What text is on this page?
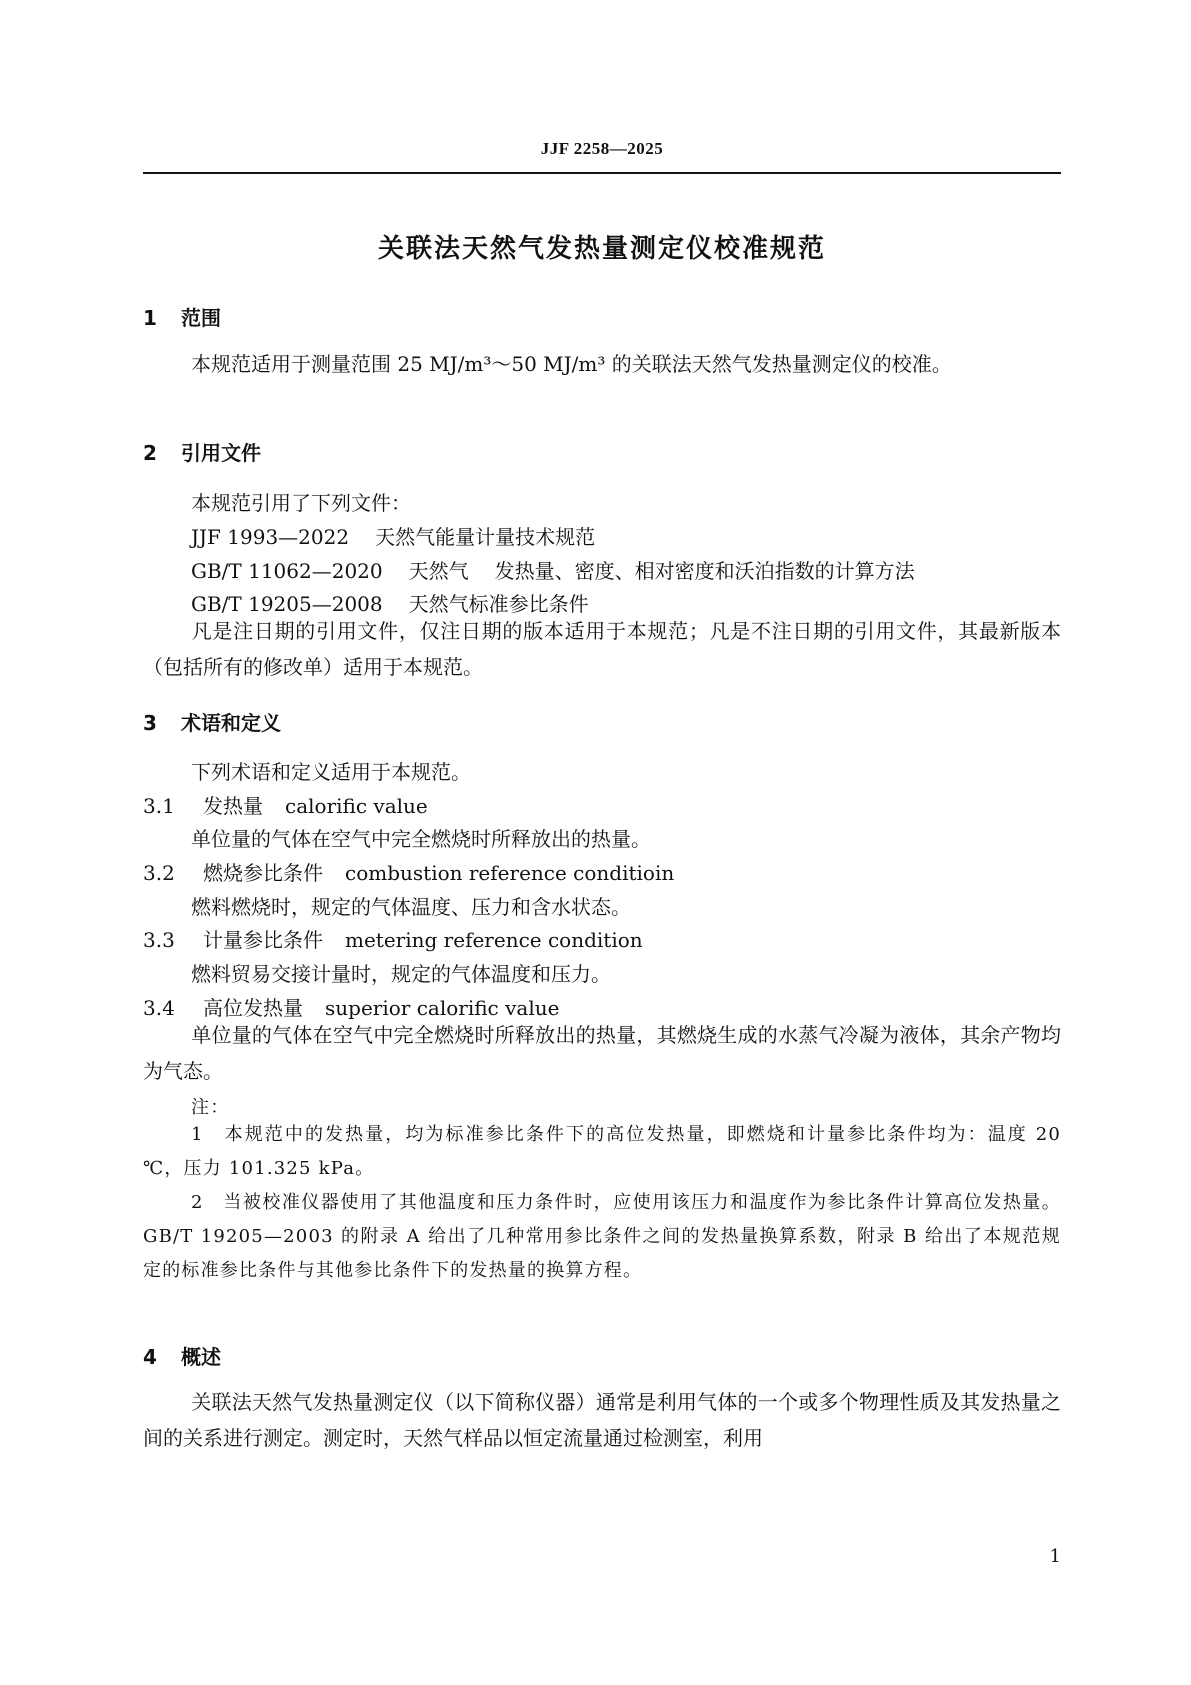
JJF 2258—2025
关联法天然气发热量测定仪校准规范
1 范围
本规范适用于测量范围 25 MJ/m³～50 MJ/m³ 的关联法天然气发热量测定仪的校准。
2 引用文件
本规范引用了下列文件：
JJF 1993—2022 天然气能量计量技术规范
GB/T 11062—2020 天然气 发热量、密度、相对密度和沃泊指数的计算方法
GB/T 19205—2008 天然气标准参比条件
凡是注日期的引用文件，仅注日期的版本适用于本规范；凡是不注日期的引用文件，其最新版本（包括所有的修改单）适用于本规范。
3 术语和定义
下列术语和定义适用于本规范。
3.1 发热量 calorific value
单位量的气体在空气中完全燃烧时所释放出的热量。
3.2 燃烧参比条件 combustion reference conditioin
燃料燃烧时，规定的气体温度、压力和含水状态。
3.3 计量参比条件 metering reference condition
燃料贸易交接计量时，规定的气体温度和压力。
3.4 高位发热量 superior calorific value
单位量的气体在空气中完全燃烧时所释放出的热量，其燃烧生成的水蒸气冷凝为液体，其余产物均为气态。
注：
1　本规范中的发热量，均为标准参比条件下的高位发热量，即燃烧和计量参比条件均为：温度 20 ℃，压力 101.325 kPa。
2　当被校准仪器使用了其他温度和压力条件时，应使用该压力和温度作为参比条件计算高位发热量。GB/T 19205—2003 的附录 A 给出了几种常用参比条件之间的发热量换算系数，附录 B 给出了本规范规定的标准参比条件与其他参比条件下的发热量的换算方程。
4 概述
关联法天然气发热量测定仪（以下简称仪器）通常是利用气体的一个或多个物理性质及其发热量之间的关系进行测定。测定时，天然气样品以恒定流量通过检测室，利用
1
